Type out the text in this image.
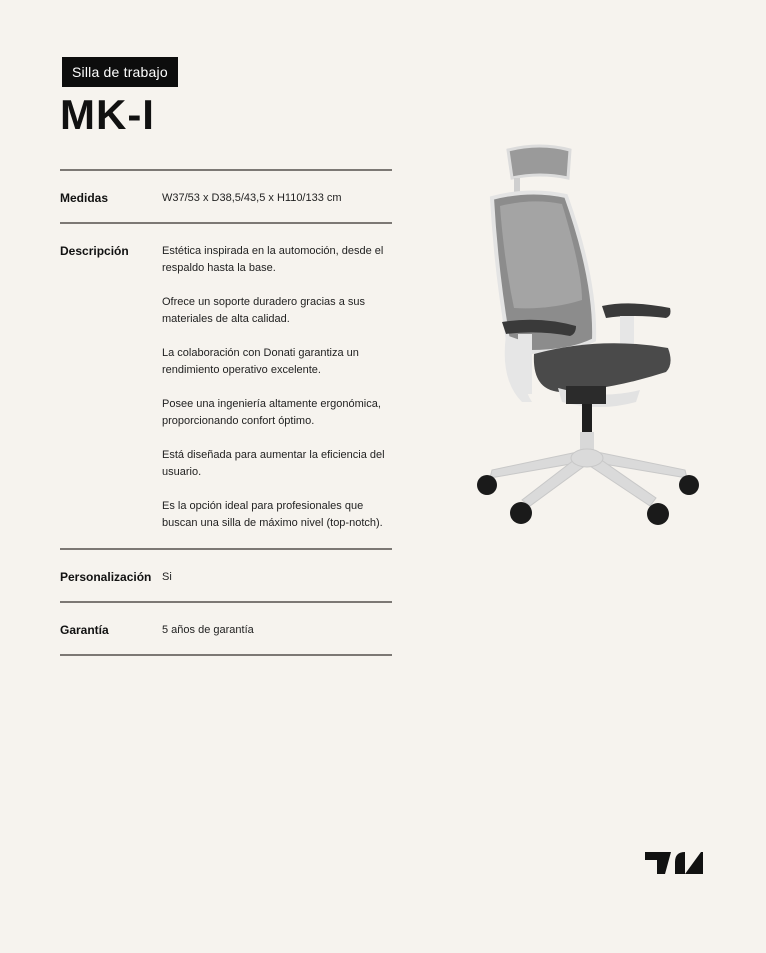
Silla de trabajo
MK-I
Medidas	W37/53 x D38,5/43,5 x H110/133 cm
Descripción	Estética inspirada en la automoción, desde el respaldo hasta la base.

Ofrece un soporte duradero gracias a sus materiales de alta calidad.

La colaboración con Donati garantiza un rendimiento operativo excelente.

Posee una ingeniería altamente ergonómica, proporcionando confort óptimo.

Está diseñada para aumentar la eficiencia del usuario.

Es la opción ideal para profesionales que buscan una silla de máximo nivel (top-notch).

Personalización Si
Garantía	5 años de garantía
